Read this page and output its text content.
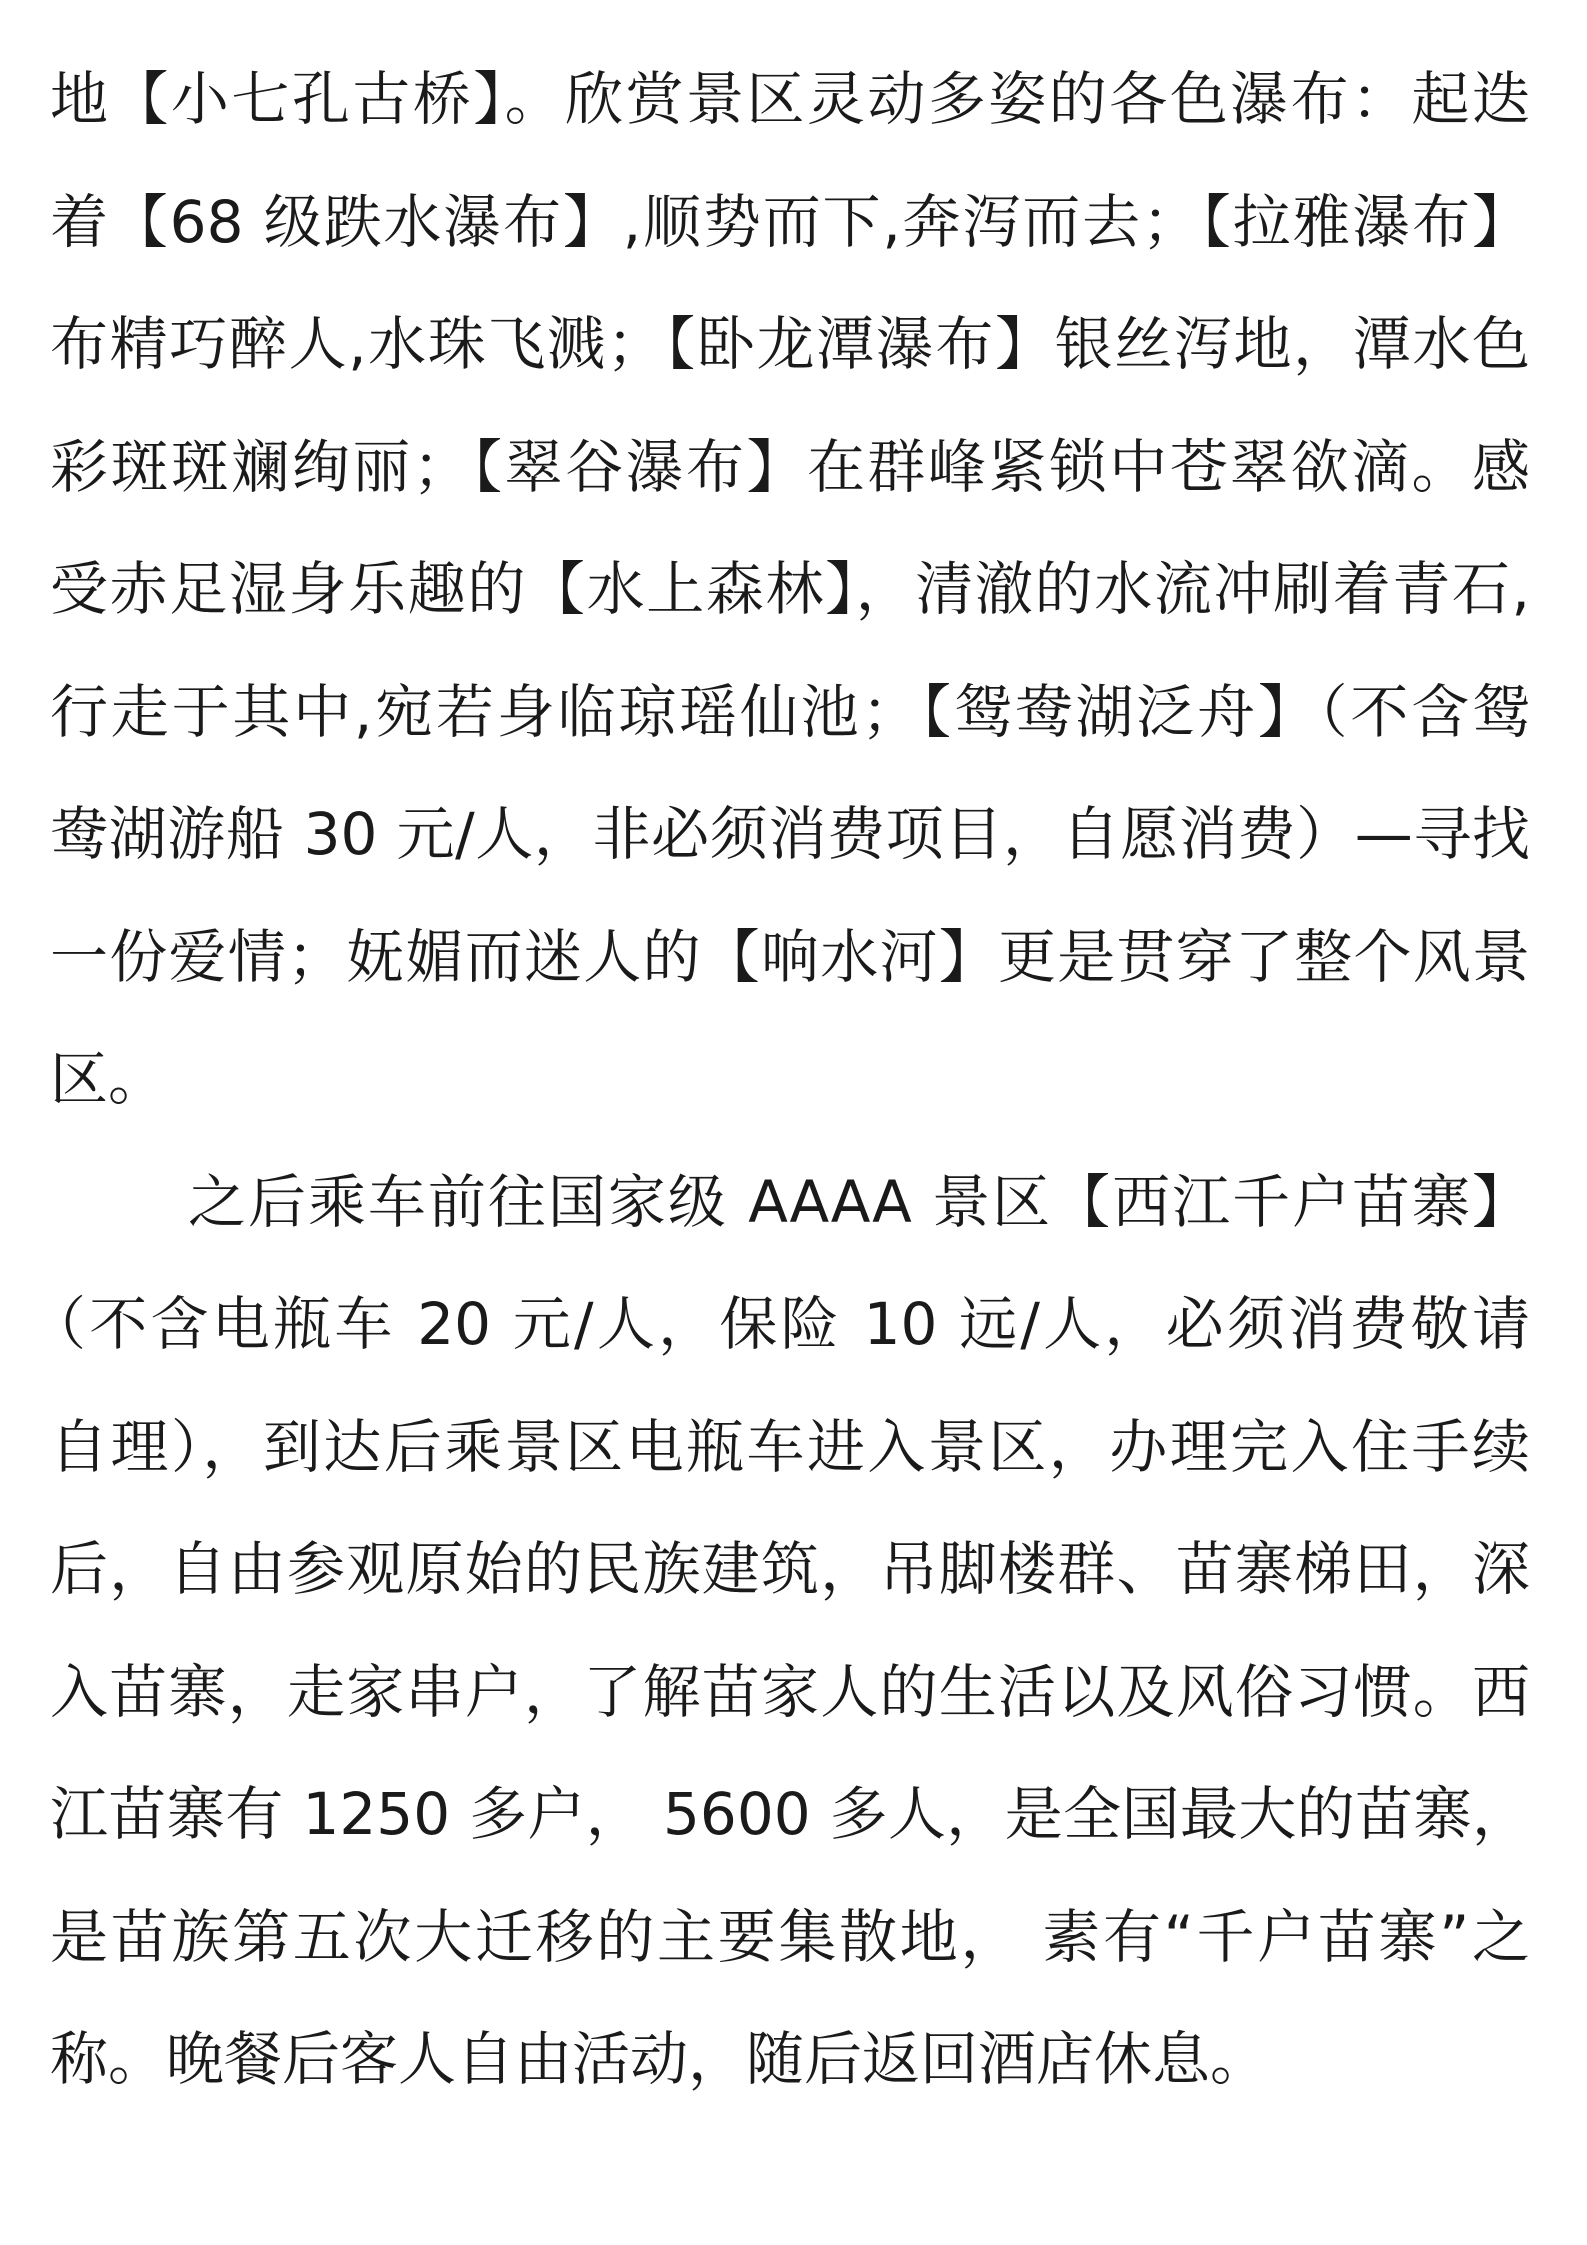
地【小七孔古桥】。欣赏景区灵动多姿的各色瀑布：起迭
着【68 级跌水瀑布】,顺势而下,奔泻而去；【拉雅瀑布】
布精巧醉人,水珠飞溅；【卧龙潭瀑布】银丝泻地，潭水色
彩斑斑斓绚丽；【翠谷瀑布】在群峰紧锁中苍翠欲滴。感
受赤足湿身乐趣的【水上森林】，清澈的水流冲刷着青石,
行走于其中,宛若身临琼瑶仙池；【鸳鸯湖泛舟】（不含鸳
鸯湖游船 30 元/人，非必须消费项目，自愿消费）—寻找
一份爱情；妩媚而迷人的【响水河】更是贯穿了整个风景
区。
之后乘车前往国家级 AAAA 景区【西江千户苗寨】
（不含电瓶车 20 元/人，保险 10 远/人，必须消费敬请
自理），到达后乘景区电瓶车进入景区，办理完入住手续
后，自由参观原始的民族建筑，吊脚楼群、苗寨梯田，深
入苗寨，走家串户，了解苗家人的生活以及风俗习惯。西
江苗寨有 1250 多户， 5600 多人，是全国最大的苗寨，
是苗族第五次大迁移的主要集散地， 素有“千户苗寨”之
称。晚餐后客人自由活动，随后返回酒店休息。
